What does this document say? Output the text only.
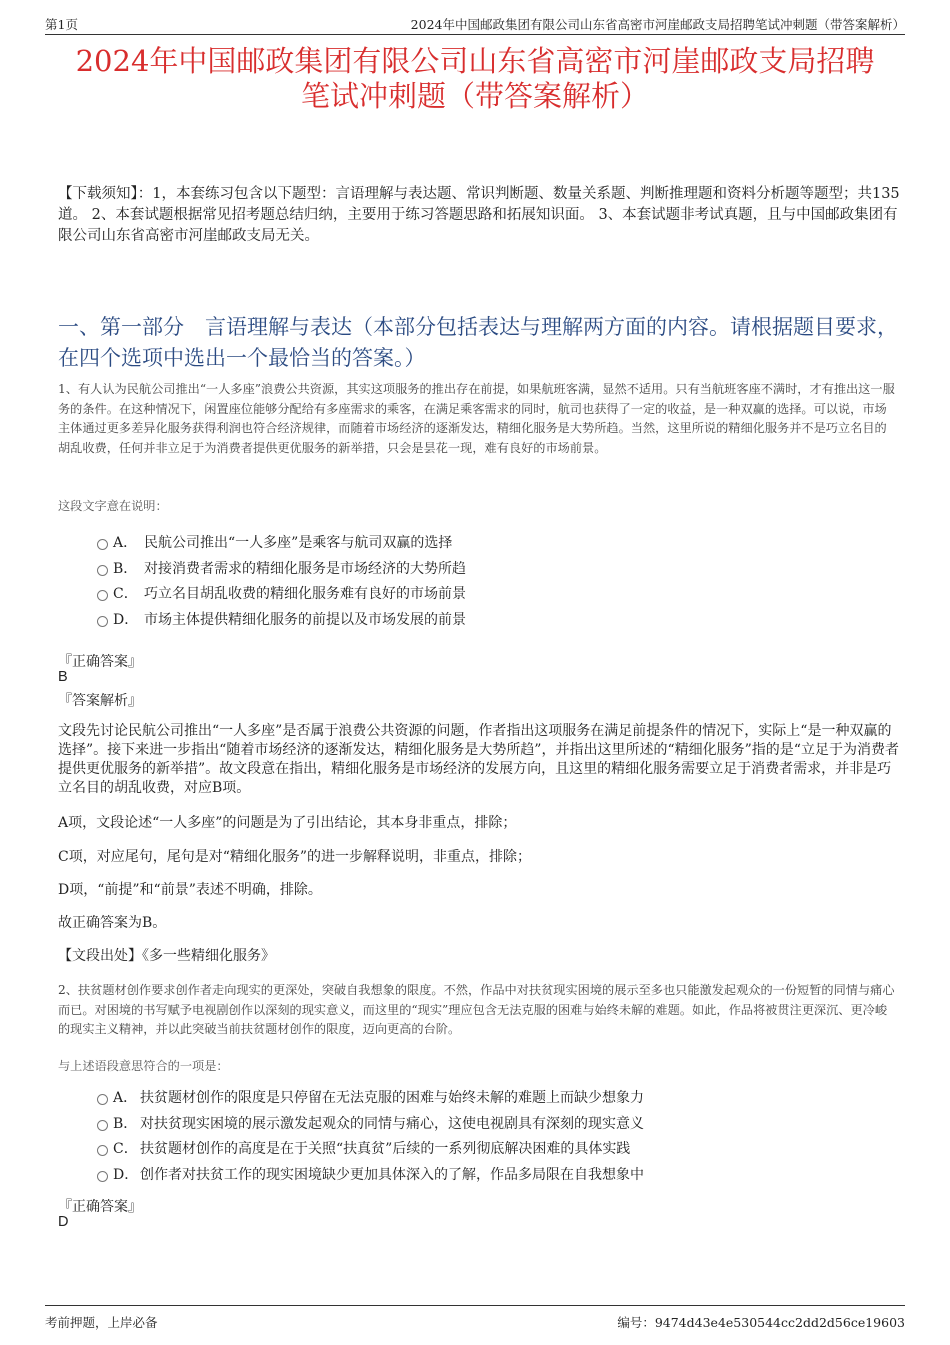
第1页	2024年中国邮政集团有限公司山东省高密市河崖邮政支局招聘笔试冲刺题（带答案解析）
2024年中国邮政集团有限公司山东省高密市河崖邮政支局招聘
笔试冲刺题（带答案解析）
【下载须知】：1，本套练习包含以下题型：言语理解与表达题、常识判断题、数量关系题、判断推理题和资料分析题等题型；共135道。 2、本套试题根据常见招考题总结归纳，主要用于练习答题思路和拓展知识面。 3、本套试题非考试真题，且与中国邮政集团有限公司山东省高密市河崖邮政支局无关。
一、第一部分　言语理解与表达（本部分包括表达与理解两方面的内容。请根据题目要求，在四个选项中选出一个最恰当的答案。）
1、有人认为民航公司推出“一人多座”浪费公共资源，其实这项服务的推出存在前提，如果航班客满，显然不适用。只有当航班客座不满时，才有推出这一服务的条件。在这种情况下，闲置座位能够分配给有多座需求的乘客，在满足乘客需求的同时，航司也获得了一定的收益，是一种双赢的选择。可以说，市场主体通过更多差异化服务获得利润也符合经济规律，而随着市场经济的逐渐发达，精细化服务是大势所趋。当然，这里所说的精细化服务并不是巧立名目的胡乱收费，任何并非立足于为消费者提供更优服务的新举措，只会是昙花一现，难有良好的市场前景。
这段文字意在说明：
A． 民航公司推出“一人多座”是乘客与航司双赢的选择
B． 对接消费者需求的精细化服务是市场经济的大势所趋
C． 巧立名目胡乱收费的精细化服务难有良好的市场前景
D． 市场主体提供精细化服务的前提以及市场发展的前景
『正确答案』
B
『答案解析』
文段先讨论民航公司推出“一人多座”是否属于浪费公共资源的问题，作者指出这项服务在满足前提条件的情况下，实际上“是一种双赢的选择”。接下来进一步指出“随着市场经济的逐渐发达，精细化服务是大势所趋”，并指出这里所述的“精细化服务”指的是“立足于为消费者提供更优服务的新举措”。故文段意在指出，精细化服务是市场经济的发展方向，且这里的精细化服务需要立足于消费者需求，并非是巧立名目的胡乱收费，对应B项。
A项，文段论述“一人多座”的问题是为了引出结论，其本身非重点，排除；
C项，对应尾句，尾句是对“精细化服务”的进一步解释说明，非重点，排除；
D项，“前提”和“前景”表述不明确，排除。
故正确答案为B。
【文段出处】《多一些精细化服务》
2、扶贫题材创作要求创作者走向现实的更深处，突破自我想象的限度。不然，作品中对扶贫现实困境的展示至多也只能激发起观众的一份短暂的同情与痛心而已。对困境的书写赋予电视剧创作以深刻的现实意义，而这里的“现实”理应包含无法克服的困难与始终未解的难题。如此，作品将被贯注更深沉、更冷峻的现实主义精神，并以此突破当前扶贫题材创作的限度，迈向更高的台阶。
与上述语段意思符合的一项是：
A． 扶贫题材创作的限度是只停留在无法克服的困难与始终未解的难题上而缺少想象力
B． 对扶贫现实困境的展示激发起观众的同情与痛心，这使电视剧具有深刻的现实意义
C． 扶贫题材创作的高度是在于关照“扶真贫”后续的一系列彻底解决困难的具体实践
D． 创作者对扶贫工作的现实困境缺少更加具体深入的了解，作品多局限在自我想象中
『正确答案』
D
考前押题，上岸必备	编号：9474d43e4e530544cc2dd2d56ce19603
